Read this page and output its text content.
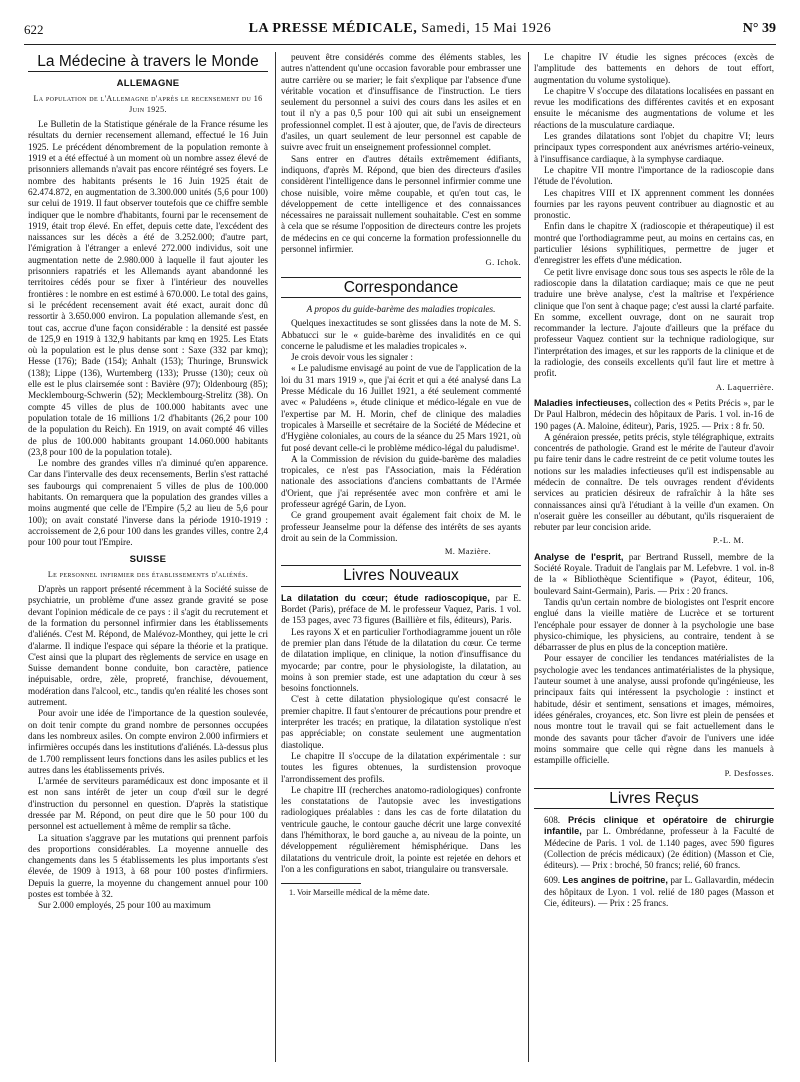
622	LA PRESSE MÉDICALE, Samedi, 15 Mai 1926	N° 39
La Médecine à travers le Monde
ALLEMAGNE
La population de l'Allemagne d'après le recensement du 16 Juin 1925.

Le Bulletin de la Statistique générale de la France résume les résultats du dernier recensement allemand, effectué le 16 Juin 1925. Le précédent dénombrement de la population remonte à 1919 et a été effectué à un moment où un nombre assez élevé de prisonniers allemands n'avait pas encore réintégré ses foyers. Le nombre des habitants présents le 16 Juin 1925 était de 62.474.872, en augmentation de 3.300.000 unités (5,6 pour 100) sur celui de 1919. Il faut observer toutefois que ce chiffre semble indiquer que le nombre d'habitants, fourni par le recensement de 1919, était trop élevé. En effet, depuis cette date, l'excédent des naissances sur les décès a été de 3.252.000; d'autre part, l'émigration à l'étranger a enlevé 272.000 individus, soit une augmentation nette de 2.980.000 à laquelle il faut ajouter les prisonniers rapatriés et les Allemands ayant abandonné les territoires cédés pour se fixer à l'intérieur des nouvelles frontières : le nombre en est estimé à 670.000. Le total des gains, si le précédent recensement avait été exact, aurait donc dû ressortir à 3.650.000 environ. La population allemande s'est, en tout cas, accrue d'une façon considérable : la densité est passée de 125,9 en 1919 à 132,9 habitants par kmq en 1925. Les Etats où la population est le plus dense sont : Saxe (332 par kmq); Hesse (176); Bade (154); Anhalt (153); Thuringe, Brunswick (138); Lippe (136), Wurtemberg (133); Prusse (130); ceux où elle est le plus clairsemée sont : Bavière (97); Oldenbourg (85); Mecklembourg-Schwerin (52); Mecklembourg-Strelitz (38). On compte 45 villes de plus de 100.000 habitants avec une population totale de 16 millions 1/2 d'habitants (26,2 pour 100 de la population du Reich). En 1919, on avait compté 46 villes de plus de 100.000 habitants groupant 14.060.000 habitants (23,8 pour 100 de la population totale).

Le nombre des grandes villes n'a diminué qu'en apparence. Car dans l'intervalle des deux recensements, Berlin s'est rattaché ses faubourgs qui comprenaient 5 villes de plus de 100.000 habitants. On remarquera que la population des grandes villes a moins augmenté que celle de l'Empire (5,2 au lieu de 5,6 pour 100); on avait constaté l'inverse dans la période 1910-1919 : accroissement de 2,6 pour 100 dans les grandes villes, contre 2,4 pour 100 pour tout l'Empire.

SUISSE
Le personnel infirmier des établissements d'aliénés.

D'après un rapport présenté récemment à la Société suisse de psychiatrie, un problème d'une assez grande gravité se pose devant l'opinion médicale de ce pays : il s'agit du recrutement et de la formation du personnel infirmier dans les établissements d'aliénés. C'est M. Répond, de Malévoz-Monthey, qui jette le cri d'alarme. Il indique l'espace qui sépare la théorie et la pratique. C'est ainsi que la plupart des règlements de service en usage en Suisse demandent bonne conduite, bon caractère, patience inépuisable, ordre, zèle, propreté, franchise, dévouement, modération dans l'alcool, etc., tandis qu'en réalité les choses sont autrement.

Pour avoir une idée de l'importance de la question soulevée, on doit tenir compte du grand nombre de personnes occupées dans les nombreux asiles. On compte environ 2.000 infirmiers et infirmières occupés dans les institutions d'aliénés. Là-dessus plus de 1.700 remplissent leurs fonctions dans les asiles publics et les autres dans les établissements privés.

L'armée de serviteurs paramédicaux est donc imposante et il est non sans intérêt de jeter un coup d'œil sur le degré d'instruction du personnel en question. D'après la statistique dressée par M. Répond, on peut dire que le 50 pour 100 du personnel est actuellement à même de remplir sa tâche.

La situation s'aggrave par les mutations qui prennent parfois des proportions considérables. La moyenne annuelle des changements dans les 5 établissements les plus importants s'est élevée, de 1909 à 1913, à 68 pour 100 postes d'infirmiers. Depuis la guerre, la moyenne du changement annuel pour 100 postes est tombée à 32.

Sur 2.000 employés, 25 pour 100 au maximum

peuvent être considérés comme des éléments stables, les autres n'attendent qu'une occasion favorable pour embrasser une autre carrière ou se marier; le fait s'explique par l'absence d'une véritable vocation et d'insuffisance de l'instruction. Le tiers seulement du personnel a suivi des cours dans les asiles et en tout il n'y a pas 0,5 pour 100 qui ait subi un enseignement professionnel complet. Il est à ajouter, que, de l'avis de directeurs d'asiles, un quart seulement de leur personnel est capable de suivre avec fruit un enseignement professionnel complet.

Sans entrer en d'autres détails extrêmement édifiants, indiquons, d'après M. Répond, que bien des directeurs d'asiles considèrent l'intelligence dans le personnel infirmier comme une chose nuisible, voire même coupable, et qu'en tout cas, le développement de cette intelligence et des connaissances nécessaires ne paraissait nullement souhaitable. C'est en somme à cela que se résume l'opposition de directeurs contre les projets de médecins en ce qui concerne la formation professionnelle du personnel infirmier.

G. Ichok.

Correspondance

A propos du guide-barème des maladies tropicales.

Quelques inexactitudes se sont glissées dans la note de M. S. Abbatucci sur le « guide-barème des invalidités en ce qui concerne le paludisme et les maladies tropicales ».

Je crois devoir vous les signaler :

« Le paludisme envisagé au point de vue de l'application de la loi du 31 mars 1919 », que j'ai écrit et qui a été analysé dans La Presse Médicale du 16 Juillet 1921, a été seulement commenté avec « Paludéens », étude clinique et médico-légale en vue de l'expertise par M. H. Morin, chef de clinique des maladies tropicales à Marseille et secrétaire de la Société de Médecine et d'Hygiène coloniales, au cours de la séance du 25 Mars 1921, où fut posé devant celle-ci le problème médico-légal du paludisme¹.

A la Commission de révision du guide-barème des maladies tropicales, ce n'est pas l'Association, mais la Fédération nationale des associations d'anciens combattants de l'Armée d'Orient, que j'ai représentée avec mon confrère et ami le professeur agrégé Garin, de Lyon.

Ce grand groupement avait également fait choix de M. le professeur Jeanselme pour la défense des intérêts de ses ayants droit au sein de la Commission.

M. Mazière.

Livres Nouveaux

La dilatation du cœur; étude radioscopique, par E. Bordet (Paris), préface de M. le professeur Vaquez, Paris. 1 vol. de 153 pages, avec 73 figures (Baillière et fils, éditeurs), Paris.

Les rayons X et en particulier l'orthodiagramme jouent un rôle de premier plan dans l'étude de la dilatation du cœur. Ce terme de dilatation implique, en clinique, la notion d'insuffisance du myocarde; par contre, pour le physiologiste, la dilatation, au moins à son premier stade, est une adaptation du cœur à ses besoins fonctionnels.

C'est à cette dilatation physiologique qu'est consacré le premier chapitre. Il faut s'entourer de précautions pour prendre et interpréter les tracés; en pratique, la dilatation systolique n'est pas appréciable; on constate seulement une augmentation diastolique.

Le chapitre II s'occupe de la dilatation expérimentale : sur toutes les figures obtenues, la surdistension provoque l'arrondissement des profils.

Le chapitre III (recherches anatomo-radiologiques) confronte les constatations de l'autopsie avec les investigations radiologiques préalables : dans les cas de forte dilatation du ventricule gauche, le contour gauche décrit une large convexité dans l'hémithorax, le bord gauche a, au niveau de la pointe, un développement régulièrement hémisphérique. Dans les dilatations du ventricule droit, la pointe est rejetée en dehors et l'on a les configurations en sabot, triangulaire ou transversale.

1. Voir Marseille médical de la même date.

Le chapitre IV étudie les signes précoces (excès de l'amplitude des battements en dehors de tout effort, augmentation du volume systolique).

Le chapitre V s'occupe des dilatations localisées en passant en revue les modifications des différentes cavités et en exposant ensuite le mécanisme des augmentations de volume et les réactions de la musculature cardiaque.

Les grandes dilatations sont l'objet du chapitre VI; leurs principaux types correspondent aux anévrismes artério-veineux, à l'insuffisance cardiaque, à la symphyse cardiaque.

Le chapitre VII montre l'importance de la radioscopie dans l'étude de l'évolution.

Les chapitres VIII et IX apprennent comment les données fournies par les rayons peuvent contribuer au diagnostic et au pronostic.

Enfin dans le chapitre X (radioscopie et thérapeutique) il est montré que l'orthodiagramme peut, au moins en certains cas, en particulier lésions syphilitiques, permettre de juger et d'enregistrer les effets d'une médication.

Ce petit livre envisage donc sous tous ses aspects le rôle de la radioscopie dans la dilatation cardiaque; mais ce que ne peut traduire une brève analyse, c'est la maîtrise et l'expérience clinique que l'on sent à chaque page; c'est aussi la clarté parfaite. En somme, excellent ouvrage, dont on ne saurait trop recommander la lecture. J'ajoute d'ailleurs que la préface du professeur Vaquez contient sur la technique radiologique, sur l'interprétation des images, et sur les rapports de la clinique et de la radiologie, des conseils excellents qu'il faut lire et mettre à profit.

A. Laquerrière.

Maladies infectieuses, collection des « Petits Précis », par le Dr Paul Halbron, médecin des hôpitaux de Paris. 1 vol. in-16 de 190 pages (A. Maloine, éditeur), Paris, 1925. — Prix : 8 fr. 50.

A généraion pressée, petits précis, style télégraphique, extraits concentrés de pathologie. Grand est le mérite de l'auteur d'avoir pu faire tenir dans le cadre restreint de ce petit volume toutes les notions sur les maladies infectieuses qu'il est indispensable au médecin de connaître. De tels ouvrages rendent d'évidents services au praticien désireux de rafraîchir à la hâte ses connaissances ainsi qu'à l'étudiant à la veille d'un examen. On n'oserait guère les conseiller au débutant, qu'ils risqueraient de rebuter par leur concision aride.

P.-L. M.

Analyse de l'esprit, par Bertrand Russell, membre de la Société Royale. Traduit de l'anglais par M. Lefebvre. 1 vol. in-8 de la « Bibliothèque Scientifique » (Payot, éditeur, 106, boulevard Saint-Germain), Paris. — Prix : 20 francs.

Tandis qu'un certain nombre de biologistes ont l'esprit encore englué dans la vieille matière de Lucrèce et se torturent l'encéphale pour essayer de donner à la psychologie une base physico-chimique, les physiciens, au contraire, tendent à se débarrasser de plus en plus de la conception matière.

Pour essayer de concilier les tendances matérialistes de la psychologie avec les tendances antimatérialistes de la physique, l'auteur soumet à une analyse, aussi profonde qu'ingénieuse, les principaux faits qui intéressent la psychologie : instinct et habitude, désir et sentiment, sensations et images, mémoires, idées générales, croyances, etc. Son livre est plein de pensées et nous montre tout le travail qui se fait actuellement dans le monde des savants pour tâcher d'avoir de l'univers une idée moins sommaire que celle qui règne dans les manuels à estampille officielle.

P. Desfosses.

Livres Reçus

608. Précis clinique et opératoire de chirurgie infantile, par L. Ombrédanne, professeur à la Faculté de Médecine de Paris. 1 vol. de 1.140 pages, avec 590 figures (Collection de précis médicaux) (2e édition) (Masson et Cie, éditeurs). — Prix : broché, 50 francs; relié, 60 francs.

609. Les angines de poitrine, par L. Gallavardin, médecin des hôpitaux de Lyon. 1 vol. relié de 180 pages (Masson et Cie, éditeurs). — Prix : 25 francs.
